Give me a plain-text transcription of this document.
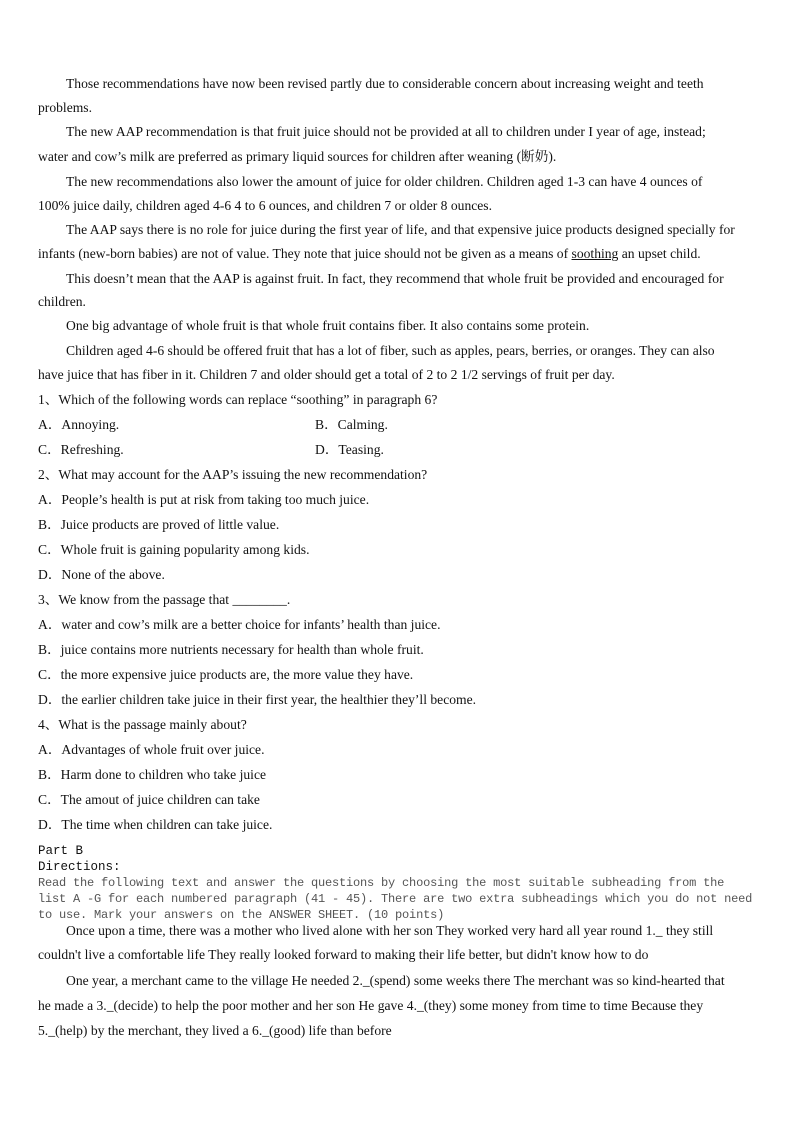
Those recommendations have now been revised partly due to considerable concern about increasing weight and teeth
problems.
The new AAP recommendation is that fruit juice should not be provided at all to children under I year of age, instead;
water and cow’s milk are preferred as primary liquid sources for children after weaning (断奶).
The new recommendations also lower the amount of juice for older children. Children aged 1-3 can have 4 ounces of
100% juice daily, children aged 4-6 4 to 6 ounces, and children 7 or older 8 ounces.
The AAP says there is no role for juice during the first year of life, and that expensive juice products designed specially for
infants (new-born babies) are not of value. They note that juice should not be given as a means of soothing an upset child.
This doesn’t mean that the AAP is against fruit. In fact, they recommend that whole fruit be provided and encouraged for
children.
One big advantage of whole fruit is that whole fruit contains fiber. It also contains some protein.
Children aged 4-6 should be offered fruit that has a lot of fiber, such as apples, pears, berries, or oranges. They can also
have juice that has fiber in it. Children 7 and older should get a total of 2 to 2 1/2 servings of fruit per day.
1、Which of the following words can replace “soothing” in paragraph 6?
A．Annoying.	B．Calming.
C．Refreshing.	D．Teasing.
2、What may account for the AAP’s issuing the new recommendation?
A．People’s health is put at risk from taking too much juice.
B．Juice products are proved of little value.
C．Whole fruit is gaining popularity among kids.
D．None of the above.
3、We know from the passage that ________.
A．water and cow’s milk are a better choice for infants’ health than juice.
B．juice contains more nutrients necessary for health than whole fruit.
C．the more expensive juice products are, the more value they have.
D．the earlier children take juice in their first year, the healthier they’ll become.
4、What is the passage mainly about?
A．Advantages of whole fruit over juice.
B．Harm done to children who take juice
C．The amout of juice children can take
D．The time when children can take juice.
Part B
Directions:
Read the following text and answer the questions by choosing the most suitable subheading from the
list A -G for each numbered paragraph (41 - 45). There are two extra subheadings which you do not need
to use. Mark your answers on the ANSWER SHEET. (10 points)
Once upon a time, there was a mother who lived alone with her son They worked very hard all year round 1._ they still
couldn't live a comfortable life They really looked forward to making their life better, but didn't know how to do
One year, a merchant came to the village He needed 2._(spend) some weeks there The merchant was so kind-hearted that
he made a 3._(decide) to help the poor mother and her son He gave 4._(they) some money from time to time Because they
5._(help) by the merchant, they lived a 6._(good) life than before
